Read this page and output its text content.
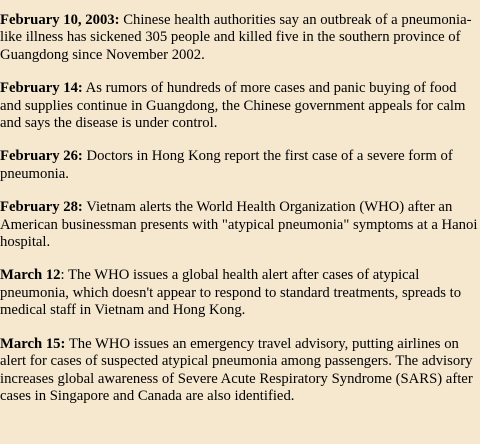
February 10, 2003: Chinese health authorities say an outbreak of a pneumonia-like illness has sickened 305 people and killed five in the southern province of Guangdong since November 2002.

February 14: As rumors of hundreds of more cases and panic buying of food and supplies continue in Guangdong, the Chinese government appeals for calm and says the disease is under control.

February 26: Doctors in Hong Kong report the first case of a severe form of pneumonia.

February 28: Vietnam alerts the World Health Organization (WHO) after an American businessman presents with "atypical pneumonia" symptoms at a Hanoi hospital.

March 12: The WHO issues a global health alert after cases of atypical pneumonia, which doesn't appear to respond to standard treatments, spreads to medical staff in Vietnam and Hong Kong.

March 15: The WHO issues an emergency travel advisory, putting airlines on alert for cases of suspected atypical pneumonia among passengers. The advisory increases global awareness of Severe Acute Respiratory Syndrome (SARS) after cases in Singapore and Canada are also identified.
